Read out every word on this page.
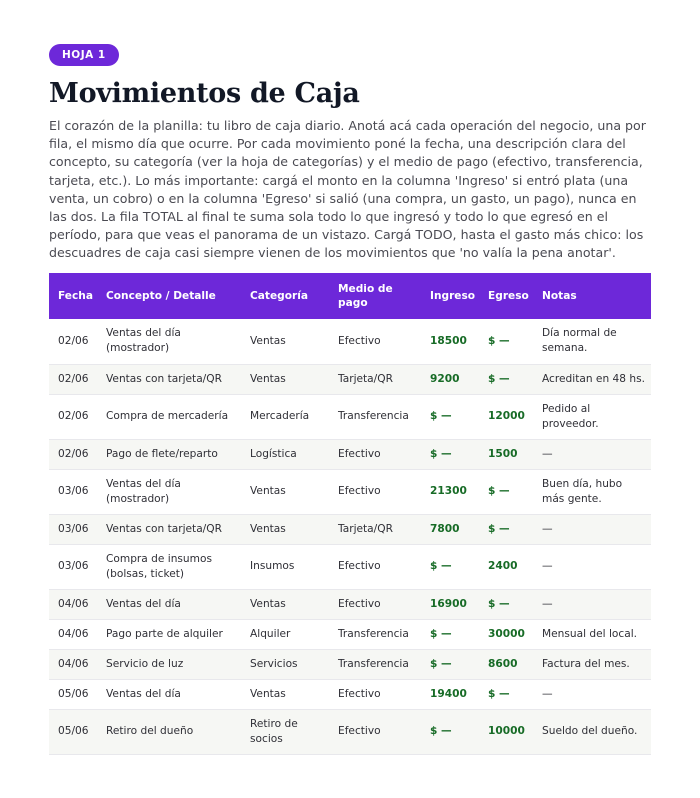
HOJA 1
Movimientos de Caja

El corazón de la planilla: tu libro de caja diario. Anotá acá cada operación del negocio, una por fila, el mismo día que ocurre. Por cada movimiento poné la fecha, una descripción clara del concepto, su categoría (ver la hoja de categorías) y el medio de pago (efectivo, transferencia, tarjeta, etc.). Lo más importante: cargá el monto en la columna 'Ingreso' si entró plata (una venta, un cobro) o en la columna 'Egreso' si salió (una compra, un gasto, un pago), nunca en las dos. La fila TOTAL al final te suma sola todo lo que ingresó y todo lo que egresó en el período, para que veas el panorama de un vistazo. Cargá TODO, hasta el gasto más chico: los descuadres de caja casi siempre vienen de los movimientos que 'no valía la pena anotar'.

Fecha	Concepto / Detalle	Categoría	Medio de pago	Ingreso	Egreso	Notas
02/06	Ventas del día (mostrador)	Ventas	Efectivo	18500	$ —	Día normal de semana.
02/06	Ventas con tarjeta/QR	Ventas	Tarjeta/QR	9200	$ —	Acreditan en 48 hs.
02/06	Compra de mercadería	Mercadería	Transferencia	$ —	12000	Pedido al proveedor.
02/06	Pago de flete/reparto	Logística	Efectivo	$ —	1500	—
03/06	Ventas del día (mostrador)	Ventas	Efectivo	21300	$ —	Buen día, hubo más gente.
03/06	Ventas con tarjeta/QR	Ventas	Tarjeta/QR	7800	$ —	—
03/06	Compra de insumos (bolsas, ticket)	Insumos	Efectivo	$ —	2400	—
04/06	Ventas del día	Ventas	Efectivo	16900	$ —	—
04/06	Pago parte de alquiler	Alquiler	Transferencia	$ —	30000	Mensual del local.
04/06	Servicio de luz	Servicios	Transferencia	$ —	8600	Factura del mes.
05/06	Ventas del día	Ventas	Efectivo	19400	$ —	—
05/06	Retiro del dueño	Retiro de socios	Efectivo	$ —	10000	Sueldo del dueño.
